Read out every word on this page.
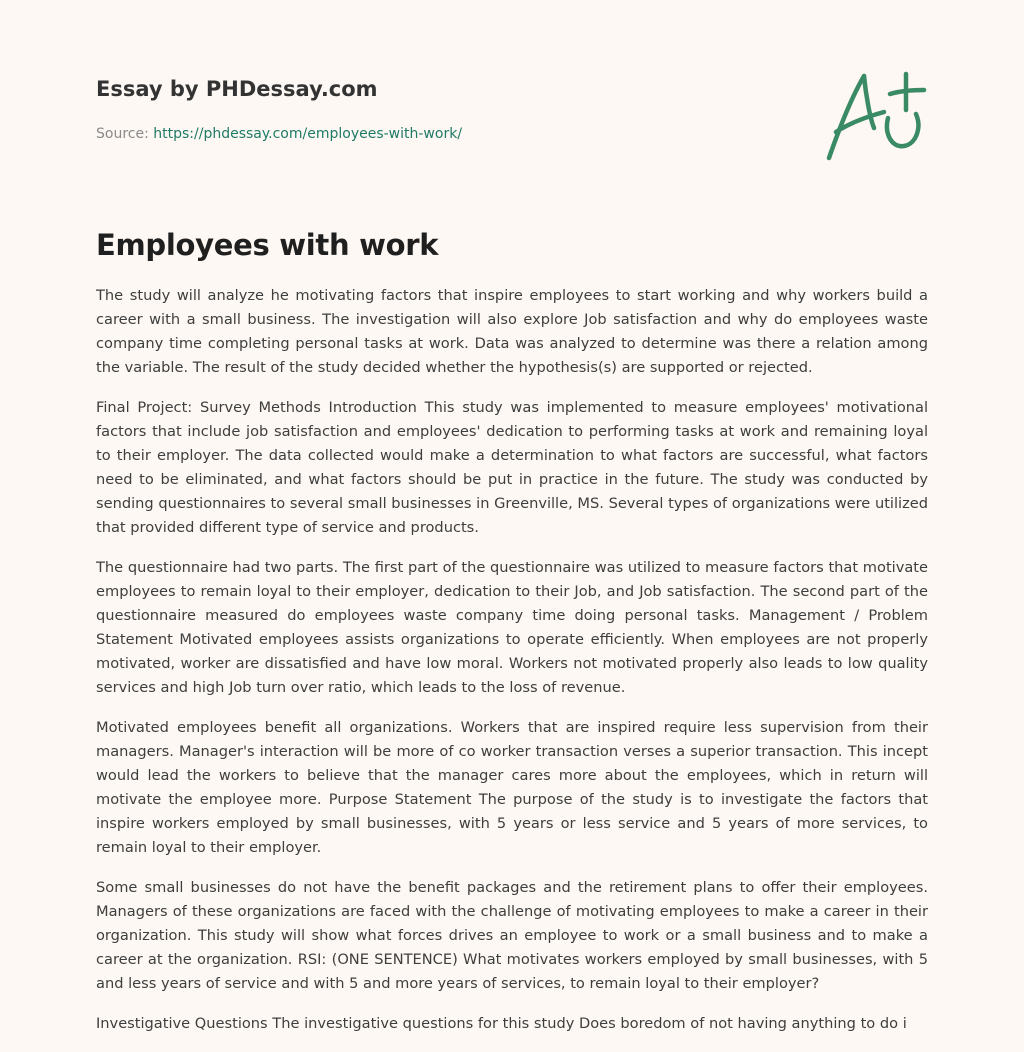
Essay by PHDessay.com
Source: https://phdessay.com/employees-with-work/
Employees with work

The study will analyze he motivating factors that inspire employees to start working and why workers build a career with a small business. The investigation will also explore Job satisfaction and why do employees waste company time completing personal tasks at work. Data was analyzed to determine was there a relation among the variable. The result of the study decided whether the hypothesis(s) are supported or rejected.

Final Project: Survey Methods Introduction This study was implemented to measure employees' motivational factors that include job satisfaction and employees' dedication to performing tasks at work and remaining loyal to their employer. The data collected would make a determination to what factors are successful, what factors need to be eliminated, and what factors should be put in practice in the future. The study was conducted by sending questionnaires to several small businesses in Greenville, MS. Several types of organizations were utilized that provided different type of service and products.

The questionnaire had two parts. The first part of the questionnaire was utilized to measure factors that motivate employees to remain loyal to their employer, dedication to their Job, and Job satisfaction. The second part of the questionnaire measured do employees waste company time doing personal tasks. Management / Problem Statement Motivated employees assists organizations to operate efficiently. When employees are not properly motivated, worker are dissatisfied and have low moral. Workers not motivated properly also leads to low quality services and high Job turn over ratio, which leads to the loss of revenue.

Motivated employees benefit all organizations. Workers that are inspired require less supervision from their managers. Manager's interaction will be more of co worker transaction verses a superior transaction. This incept would lead the workers to believe that the manager cares more about the employees, which in return will motivate the employee more. Purpose Statement The purpose of the study is to investigate the factors that inspire workers employed by small businesses, with 5 years or less service and 5 years of more services, to remain loyal to their employer.

Some small businesses do not have the benefit packages and the retirement plans to offer their employees. Managers of these organizations are faced with the challenge of motivating employees to make a career in their organization. This study will show what forces drives an employee to work or a small business and to make a career at the organization. RSI: (ONE SENTENCE) What motivates workers employed by small businesses, with 5 and less years of service and with 5 and more years of services, to remain loyal to their employer?

Investigative Questions The investigative questions for this study Does boredom of not having anything to do i
